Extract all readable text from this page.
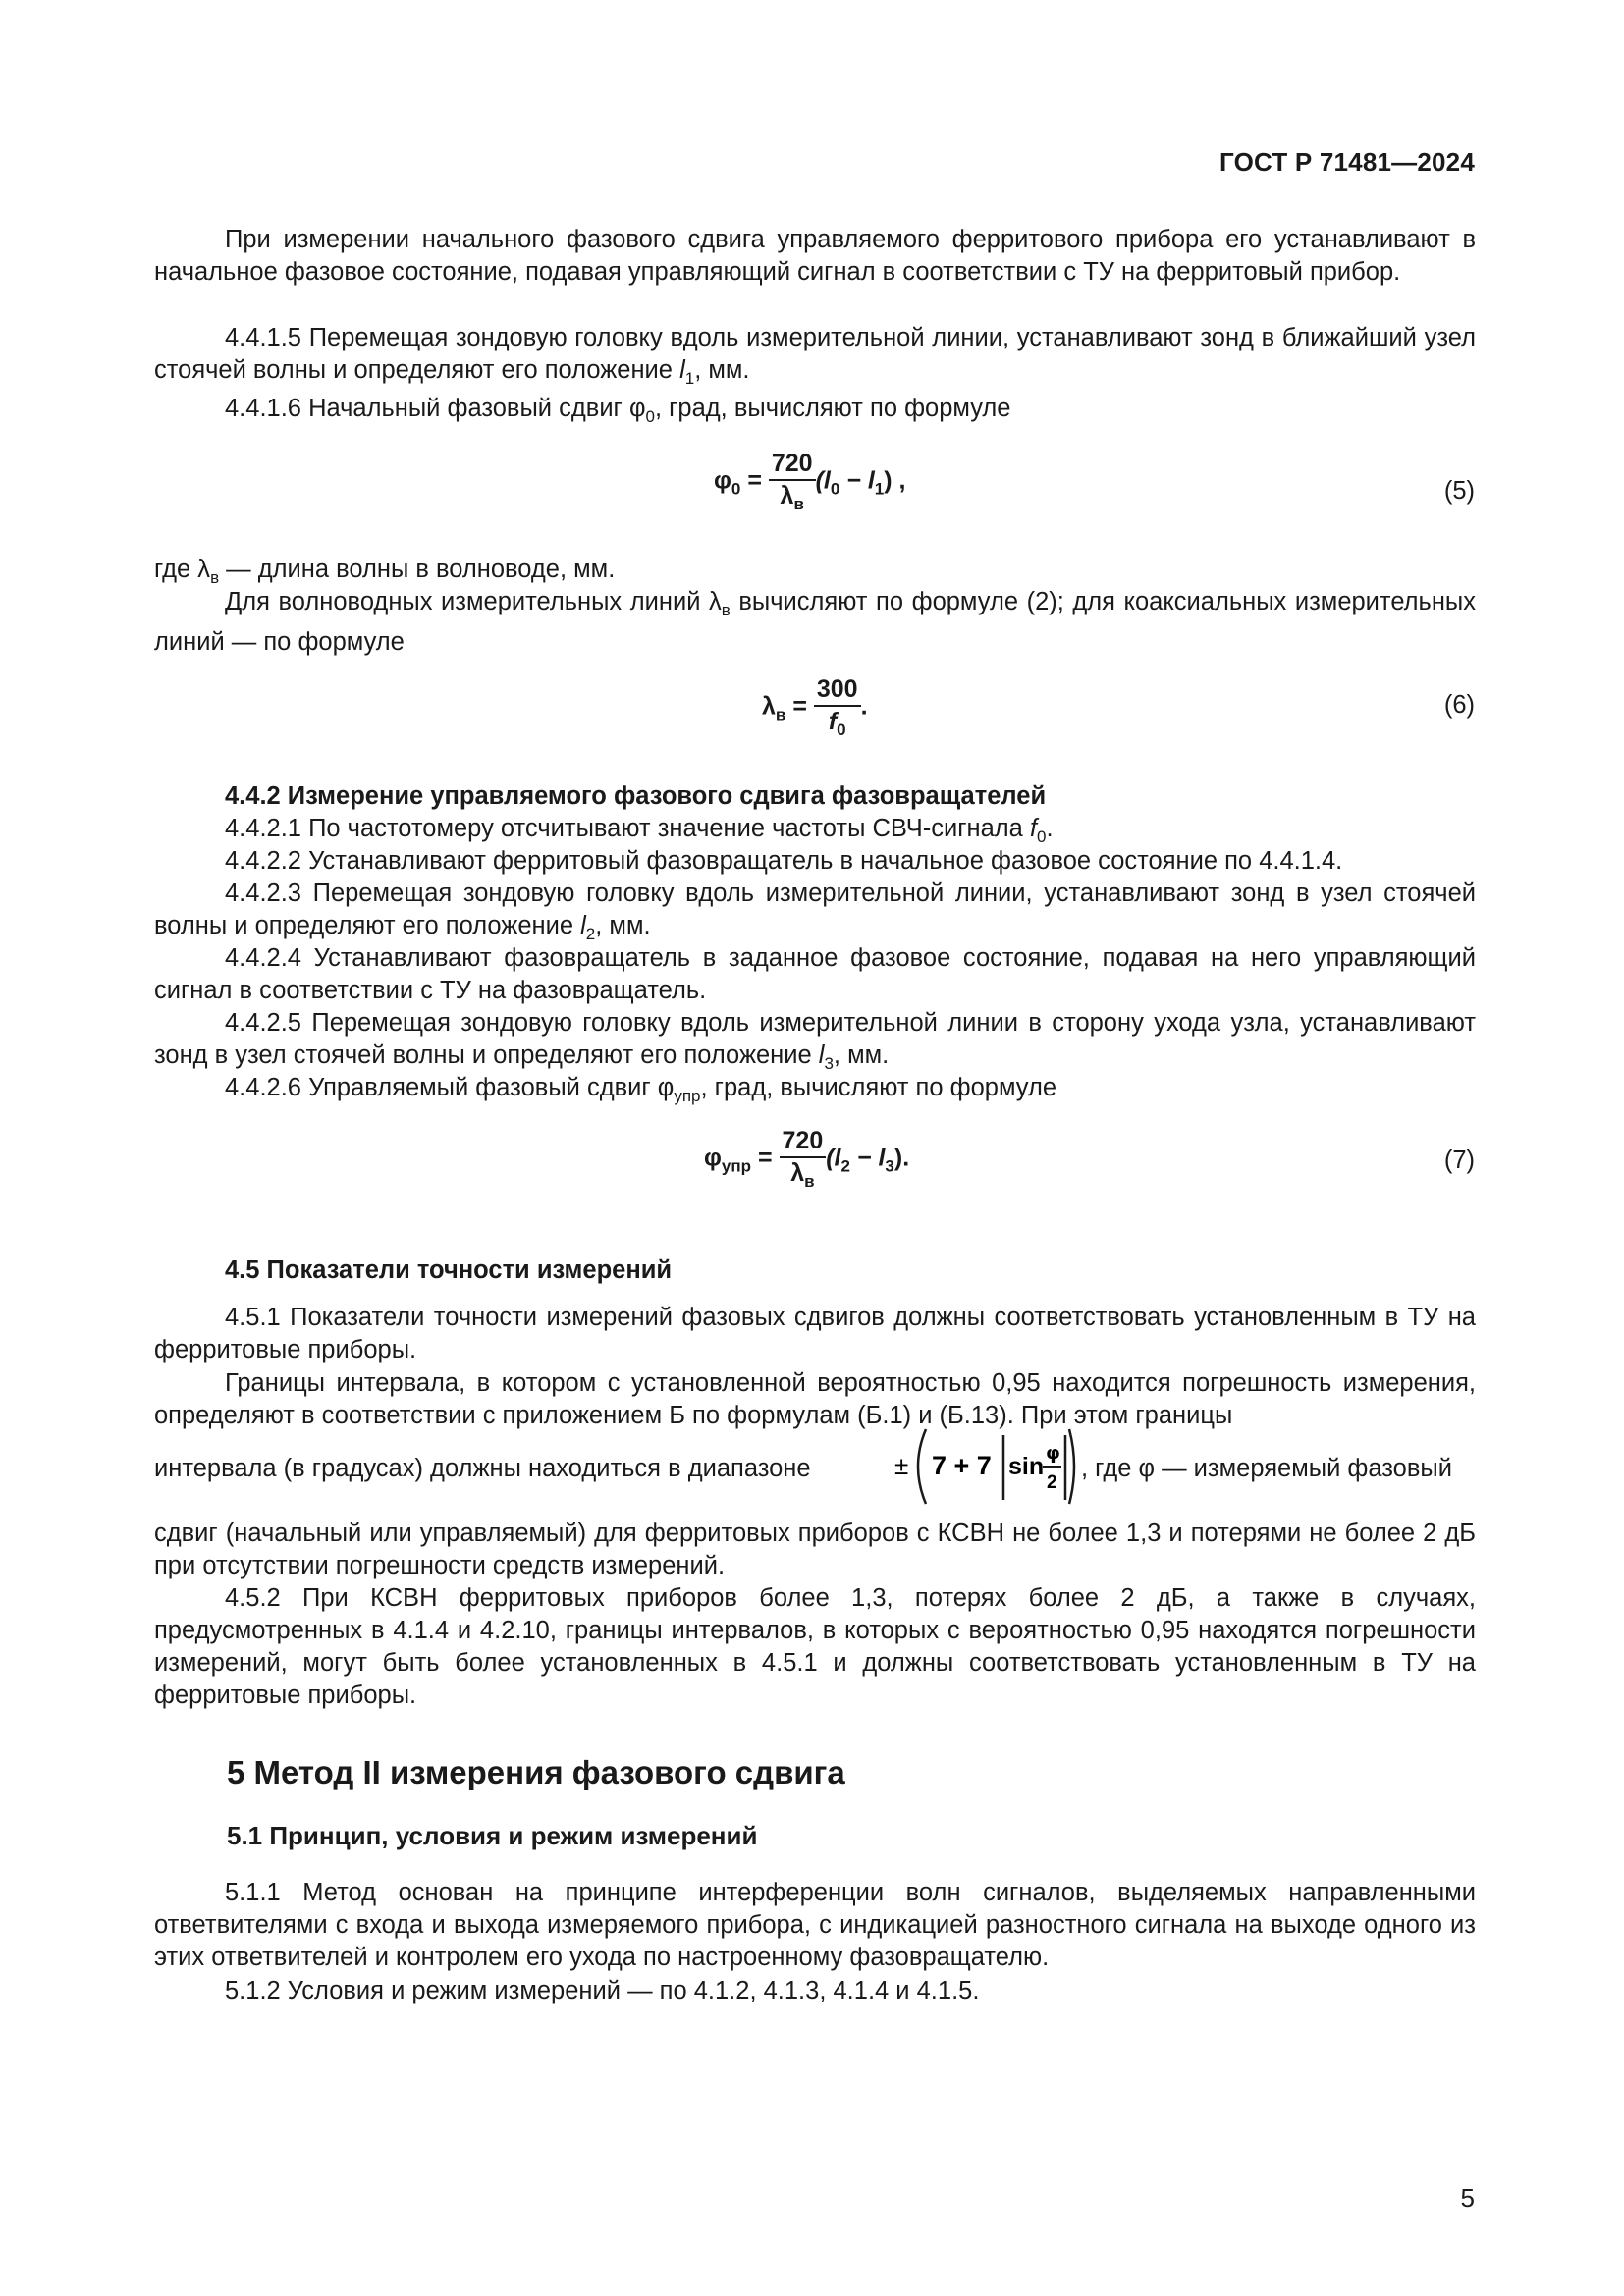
ГОСТ Р 71481—2024
При измерении начального фазового сдвига управляемого ферритового прибора его устанавливают в начальное фазовое состояние, подавая управляющий сигнал в соответствии с ТУ на ферритовый прибор.
4.4.1.5 Перемещая зондовую головку вдоль измерительной линии, устанавливают зонд в ближайший узел стоячей волны и определяют его положение $l_1$, мм.
4.4.1.6 Начальный фазовый сдвиг $\varphi_0$, град, вычисляют по формуле
$\varphi_0 = \frac{720}{\lambda_в} (l_0 - l_1)$ ,	(5)
где $\lambda_в$ — длина волны в волноводе, мм.
Для волноводных измерительных линий $\lambda_в$ вычисляют по формуле (2); для коаксиальных измерительных линий — по формуле
$\lambda_в = \frac{300}{f_0}$ .	(6)
4.4.2 Измерение управляемого фазового сдвига фазовращателей
4.4.2.1 По частотомеру отсчитывают значение частоты СВЧ-сигнала $f_0$.
4.4.2.2 Устанавливают ферритовый фазовращатель в начальное фазовое состояние по 4.4.1.4.
4.4.2.3 Перемещая зондовую головку вдоль измерительной линии, устанавливают зонд в узел стоячей волны и определяют его положение $l_2$, мм.
4.4.2.4 Устанавливают фазовращатель в заданное фазовое состояние, подавая на него управляющий сигнал в соответствии с ТУ на фазовращатель.
4.4.2.5 Перемещая зондовую головку вдоль измерительной линии в сторону ухода узла, устанавливают зонд в узел стоячей волны и определяют его положение $l_3$, мм.
4.4.2.6 Управляемый фазовый сдвиг $\varphi_{упр}$, град, вычисляют по формуле
$\varphi_{упр} = \frac{720}{\lambda_в} (l_2 - l_3)$.	(7)
4.5 Показатели точности измерений
4.5.1 Показатели точности измерений фазовых сдвигов должны соответствовать установленным в ТУ на ферритовые приборы.
Границы интервала, в котором с установленной вероятностью 0,95 находится погрешность измерения, определяют в соответствии с приложением Б по формулам (Б.1) и (Б.13). При этом границы
интервала (в градусах) должны находиться в диапазоне	± 7 + 7 sin φ
2
, где φ — измеряемый фазовый
сдвиг (начальный или управляемый) для ферритовых приборов с КСВН не более 1,3 и потерями не более 2 дБ при отсутствии погрешности средств измерений.
4.5.2 При КСВН ферритовых приборов более 1,3, потерях более 2 дБ, а также в случаях, предусмотренных в 4.1.4 и 4.2.10, границы интервалов, в которых с вероятностью 0,95 находятся погрешности измерений, могут быть более установленных в 4.5.1 и должны соответствовать установленным в ТУ на ферритовые приборы.
5 Метод II измерения фазового сдвига
5.1 Принцип, условия и режим измерений
5.1.1 Метод основан на принципе интерференции волн сигналов, выделяемых направленными ответвителями с входа и выхода измеряемого прибора, с индикацией разностного сигнала на выходе одного из этих ответвителей и контролем его ухода по настроенному фазовращателю.
5.1.2 Условия и режим измерений — по 4.1.2, 4.1.3, 4.1.4 и 4.1.5.
5
